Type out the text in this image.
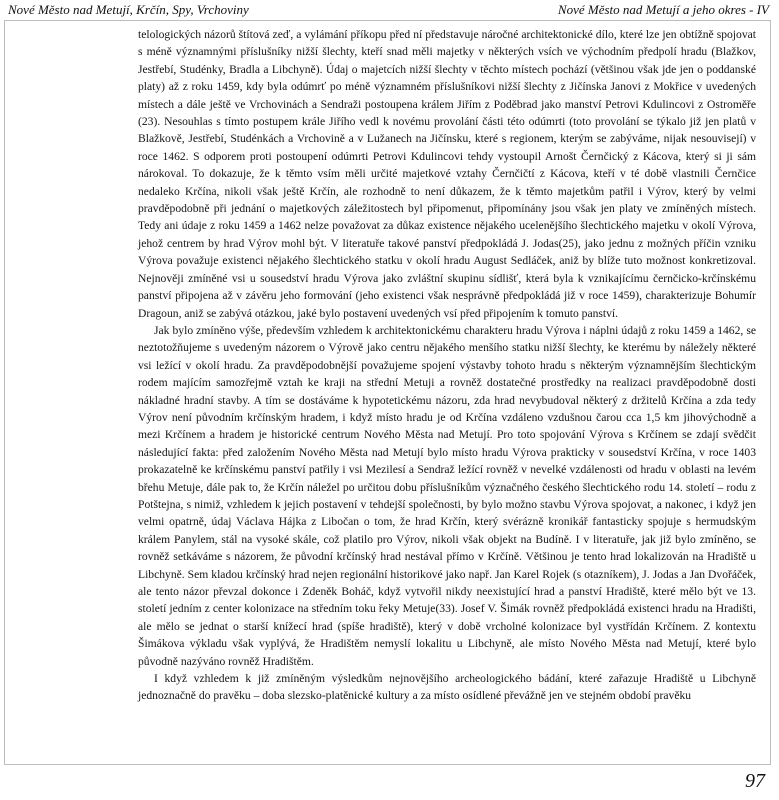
Nové Město nad Metují, Krčín, Spy, Vrchoviny	Nové Město nad Metují a jeho okres - IV

telologických názorů štítová zeď, a vylámání příkopu před ní představuje náročné architektonické dílo, které lze jen obtížně spojovat s méně významnými příslušníky nižší šlechty, kteří snad měli majetky v některých vsích ve východním předpolí hradu (Blažkov, Jestřebí, Studénky, Bradla a Libchyně). Údaj o majetcích nižší šlechty v těchto místech pochází (většinou však jde jen o poddanské platy) až z roku 1459, kdy byla odúmrť po méně významném příslušníkovi nižší šlechty z Jičínska Janovi z Mokřice v uvedených místech a dále ještě ve Vrchovinách a Sendraži postoupena králem Jiřím z Poděbrad jako manství Petrovi Kdulincovi z Ostroměře (23). Nesouhlas s tímto postupem krále Jiřího vedl k novému provolání části této odúmrti (toto provolání se týkalo již jen platů v Blažkově, Jestřebí, Studénkách a Vrchovině a v Lužanech na Jičínsku, které s regionem, kterým se zabýváme, nijak nesouvisejí) v roce 1462. S odporem proti postoupení odúmrti Petrovi Kdulincovi tehdy vystoupil Arnošt Černčický z Kácova, který si ji sám nárokoval. To dokazuje, že k těmto vsím měli určité majetkové vztahy Černčičtí z Kácova, kteří v té době vlastnili Černčice nedaleko Krčína, nikoli však ještě Krčín, ale rozhodně to není důkazem, že k těmto majetkům patřil i Výrov, který by velmi pravděpodobně při jednání o majetkových záležitostech byl připomenut, připomínány jsou však jen platy ve zmíněných místech. Tedy ani údaje z roku 1459 a 1462 nelze považovat za důkaz existence nějakého ucelenějšího šlechtického majetku v okolí Výrova, jehož centrem by hrad Výrov mohl být. V literatuře takové panství předpokládá J. Jodas(25), jako jednu z možných příčin vzniku Výrova považuje existenci nějakého šlechtického statku v okolí hradu August Sedláček, aniž by blíže tuto možnost konkretizoval. Nejnověji zmíněné vsi u sousedství hradu Výrova jako zvláštní skupinu sídlišť, která byla k vznikajícímu černčicko-krčínskému panství připojena až v závěru jeho formování (jeho existenci však nesprávně předpokládá již v roce 1459), charakterizuje Bohumír Dragoun, aniž se zabývá otázkou, jaké bylo postavení uvedených vsí před připojením k tomuto panství.

Jak bylo zmíněno výše, především vzhledem k architektonickému charakteru hradu Výrova i náplni údajů z roku 1459 a 1462, se neztotožňujeme s uvedeným názorem o Výrově jako centru nějakého menšího statku nižší šlechty, ke kterému by náležely některé vsi ležící v okolí hradu. Za pravděpodobnější považujeme spojení výstavby tohoto hradu s některým významnějším šlechtickým rodem majícím samozřejmě vztah ke kraji na střední Metuji a rovněž dostatečné prostředky na realizaci pravděpodobně dosti nákladné hradní stavby. A tím se dostáváme k hypotetickému názoru, zda hrad nevybudoval některý z držitelů Krčína a zda tedy Výrov není původním krčínským hradem, i když místo hradu je od Krčína vzdáleno vzdušnou čarou cca 1,5 km jihovýchodně a mezi Krčínem a hradem je historické centrum Nového Města nad Metují. Pro toto spojování Výrova s Krčínem se zdají svědčit následující fakta: před založením Nového Města nad Metují bylo místo hradu Výrova prakticky v sousedství Krčína, v roce 1403 prokazatelně ke krčínskému panství patřily i vsi Mezilesí a Sendraž ležící rovněž v nevelké vzdálenosti od hradu v oblasti na levém břehu Metuje, dále pak to, že Krčín náležel po určitou dobu příslušníkům význačného českého šlechtického rodu 14. století – rodu z Potštejna, s nimiž, vzhledem k jejich postavení v tehdejší společnosti, by bylo možno stavbu Výrova spojovat, a nakonec, i když jen velmi opatrně, údaj Václava Hájka z Libočan o tom, že hrad Krčín, který svérázně kronikář fantasticky spojuje s hermudským králem Panylem, stál na vysoké skále, což platilo pro Výrov, nikoli však objekt na Budíně. I v literatuře, jak již bylo zmíněno, se rovněž setkáváme s názorem, že původní krčínský hrad nestával přímo v Krčíně. Většinou je tento hrad lokalizován na Hradiště u Libchyně. Sem kladou krčínský hrad nejen regionální historikové jako např. Jan Karel Rojek (s otazníkem), J. Jodas a Jan Dvořáček, ale tento názor převzal dokonce i Zdeněk Boháč, když vytvořil nikdy neexistující hrad a panství Hradiště, které mělo být ve 13. století jedním z center kolonizace na středním toku řeky Metuje(33). Josef V. Šimák rovněž předpokládá existenci hradu na Hradišti, ale mělo se jednat o starší knížecí hrad (spíše hradiště), který v době vrcholné kolonizace byl vystřídán Krčínem. Z kontextu Šimákova výkladu však vyplývá, že Hradištěm nemyslí lokalitu u Libchyně, ale místo Nového Města nad Metují, které bylo původně nazýváno rovněž Hradištěm.

I když vzhledem k již zmíněným výsledkům nejnovějšího archeologického bádání, které zařazuje Hradiště u Libchyně jednoznačně do pravěku – doba slezsko-platěnické kultury a za místo osídlené převážně jen ve stejném období pravěku

97
